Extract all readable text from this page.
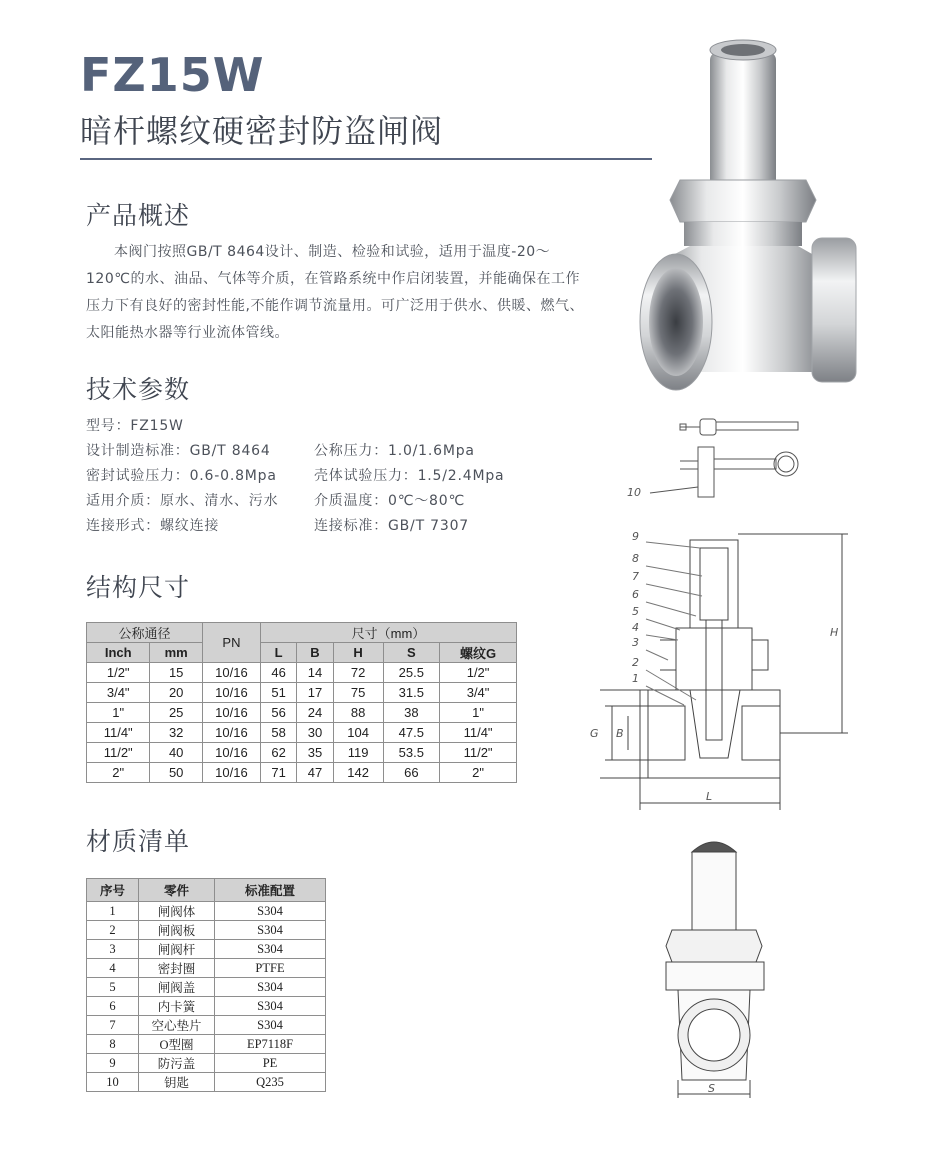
FZ15W
暗杆螺纹硬密封防盗闸阀
产品概述

本阀门按照GB/T 8464设计、制造、检验和试验，适用于温度-20～120℃的水、油品、气体等介质，在管路系统中作启闭装置，并能确保在工作压力下有良好的密封性能,不能作调节流量用。可广泛用于供水、供暖、燃气、太阳能热水器等行业流体管线。

技术参数
型号：FZ15W
设计制造标准：GB/T 8464	公称压力：1.0/1.6Mpa
密封试验压力：0.6-0.8Mpa	壳体试验压力：1.5/2.4Mpa
适用介质：原水、清水、污水	介质温度：0℃～80℃
连接形式：螺纹连接	连接标准：GB/T 7307
结构尺寸
公称通径		PN	尺寸（mm）				
Inch	mm		L	B	H	S	螺纹G
1/2"	15	10/16	46	14	72	25.5	1/2"
3/4"	20	10/16	51	17	75	31.5	3/4"
1"	25	10/16	56	24	88	38	1"
11/4"	32	10/16	58	30	104	47.5	11/4"
11/2"	40	10/16	62	35	119	53.5	11/2"
2"	50	10/16	71	47	142	66	2"
材质清单
序号	零件	标准配置
1	闸阀体	S304
2	闸阀板	S304
3	闸阀杆	S304
4	密封圈	PTFE
5	闸阀盖	S304
6	内卡簧	S304
7	空心垫片	S304
8	O型圈	EP7118F
9	防污盖	PE
10	钥匙	Q235
10
9
8
7
6
5
4
3
2
1
H
G B
L
S
